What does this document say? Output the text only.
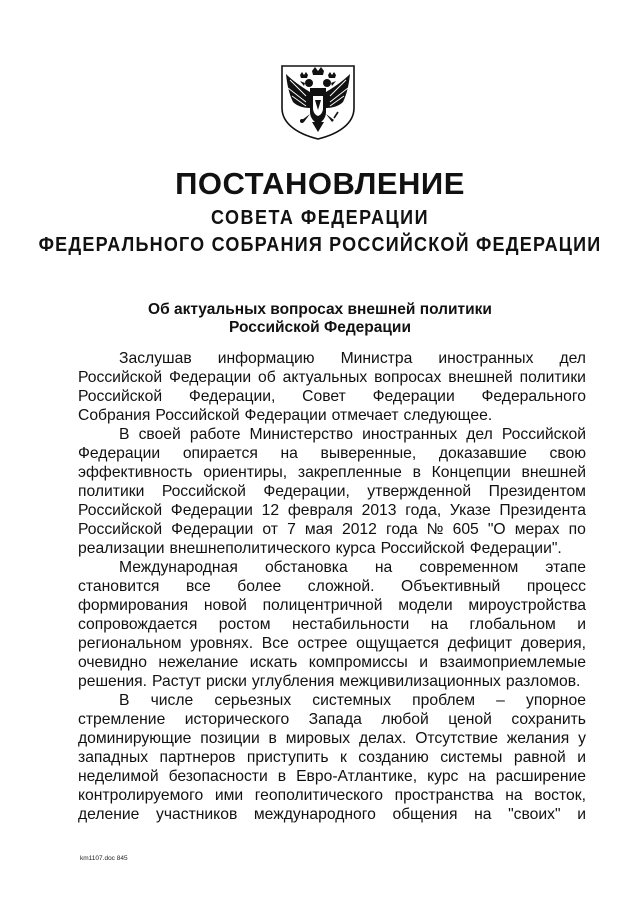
ПОСТАНОВЛЕНИЕ
СОВЕТА ФЕДЕРАЦИИ
ФЕДЕРАЛЬНОГО СОБРАНИЯ РОССИЙСКОЙ ФЕДЕРАЦИИ
Об актуальных вопросах внешней политики
Российской Федерации
Заслушав информацию Министра иностранных дел
Российской Федерации об актуальных вопросах внешней политики
Российской Федерации, Совет Федерации Федерального
Собрания Российской Федерации отмечает следующее.
В своей работе Министерство иностранных дел Российской
Федерации опирается на выверенные, доказавшие свою
эффективность ориентиры, закрепленные в Концепции внешней
политики Российской Федерации, утвержденной Президентом
Российской Федерации 12 февраля 2013 года, Указе Президента
Российской Федерации от 7 мая 2012 года № 605 "О мерах по
реализации внешнеполитического курса Российской Федерации".
Международная обстановка на современном этапе
становится все более сложной. Объективный процесс
формирования новой полицентричной модели мироустройства
сопровождается ростом нестабильности на глобальном и
региональном уровнях. Все острее ощущается дефицит доверия,
очевидно нежелание искать компромиссы и взаимоприемлемые
решения. Растут риски углубления межцивилизационных разломов.
В числе серьезных системных проблем – упорное
стремление исторического Запада любой ценой сохранить
доминирующие позиции в мировых делах. Отсутствие желания у
западных партнеров приступить к созданию системы равной и
неделимой безопасности в Евро-Атлантике, курс на расширение
контролируемого ими геополитического пространства на восток,
деление участников международного общения на "своих" и
km1107.doc 845
